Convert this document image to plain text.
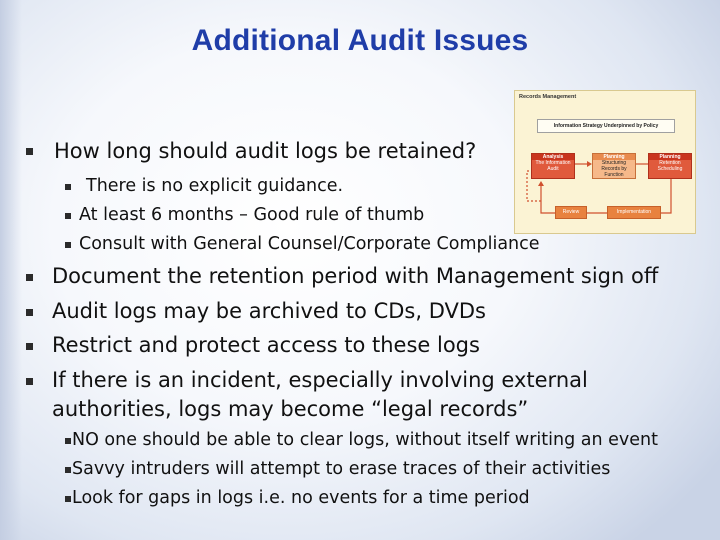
Additional Audit Issues
How long should audit logs be retained?
There is no explicit guidance.
At least 6 months – Good rule of thumb
Consult with General Counsel/Corporate Compliance
Document the retention period with Management sign off
Audit logs may be archived to CDs, DVDs
Restrict and protect access to these logs
If there is an incident, especially involving external
authorities, logs may become “legal records”
NO one should be able to clear logs, without itself writing an event
Savvy intruders will attempt to erase traces of their activities
Look for gaps in logs i.e. no events for a time period
Records Management
Information Strategy Underpinned by Policy
Analysis
The Information Audit
Planning
Structuring Records by Function
Planning
Retention Scheduling
Review	Implementation
